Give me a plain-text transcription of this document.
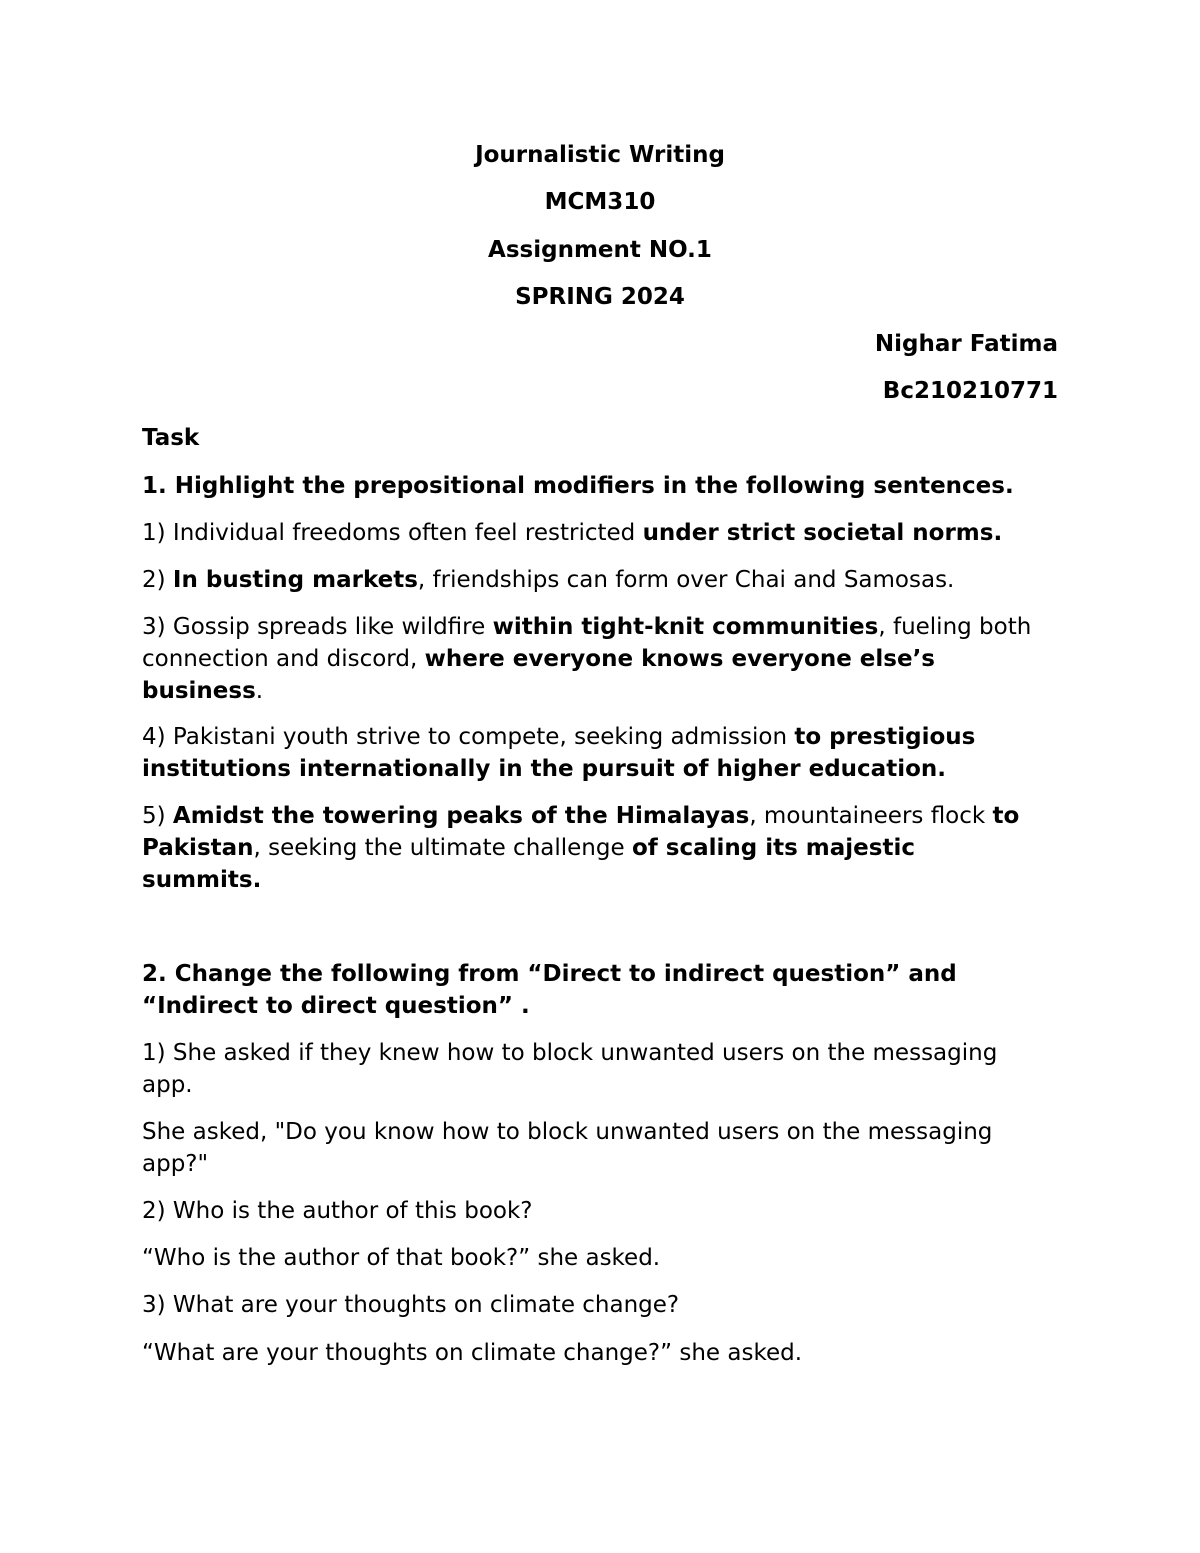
Journalistic Writing

MCM310

Assignment NO.1

SPRING 2024

Nighar Fatima

Bc210210771

Task

1. Highlight the prepositional modifiers in the following sentences.

1) Individual freedoms often feel restricted under strict societal norms.

2) In busting markets, friendships can form over Chai and Samosas.

3) Gossip spreads like wildfire within tight-knit communities, fueling both

connection and discord, where everyone knows everyone else’s

business.

4) Pakistani youth strive to compete, seeking admission to prestigious

institutions internationally in the pursuit of higher education.

5) Amidst the towering peaks of the Himalayas, mountaineers flock to

Pakistan, seeking the ultimate challenge of scaling its majestic

summits.

2. Change the following from “Direct to indirect question” and

“Indirect to direct question” .

1) She asked if they knew how to block unwanted users on the messaging

app.

She asked, "Do you know how to block unwanted users on the messaging

app?"

2) Who is the author of this book?

“Who is the author of that book?” she asked.

3) What are your thoughts on climate change?

“What are your thoughts on climate change?” she asked.
